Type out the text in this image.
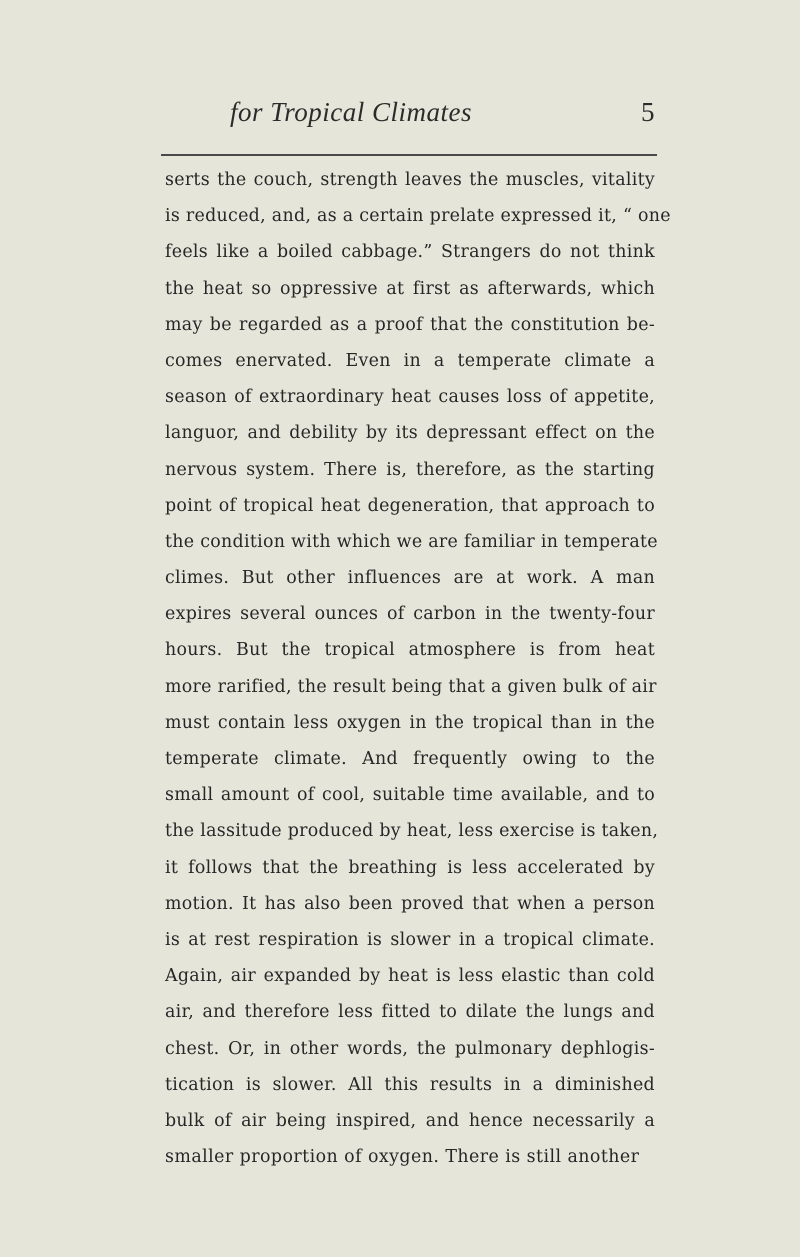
for Tropical Climates	5
serts the couch, strength leaves the muscles, vitality
is reduced, and, as a certain prelate expressed it, “ one
feels like a boiled cabbage.” Strangers do not think
the heat so oppressive at first as afterwards, which
may be regarded as a proof that the constitution be-
comes enervated. Even in a temperate climate a
season of extraordinary heat causes loss of appetite,
languor, and debility by its depressant effect on the
nervous system. There is, therefore, as the starting
point of tropical heat degeneration, that approach to
the condition with which we are familiar in temperate
climes. But other influences are at work. A man
expires several ounces of carbon in the twenty-four
hours. But the tropical atmosphere is from heat
more rarified, the result being that a given bulk of air
must contain less oxygen in the tropical than in the
temperate climate. And frequently owing to the
small amount of cool, suitable time available, and to
the lassitude produced by heat, less exercise is taken,
it follows that the breathing is less accelerated by
motion. It has also been proved that when a person
is at rest respiration is slower in a tropical climate.
Again, air expanded by heat is less elastic than cold
air, and therefore less fitted to dilate the lungs and
chest. Or, in other words, the pulmonary dephlogis-
tication is slower. All this results in a diminished
bulk of air being inspired, and hence necessarily a
smaller proportion of oxygen. There is still another
